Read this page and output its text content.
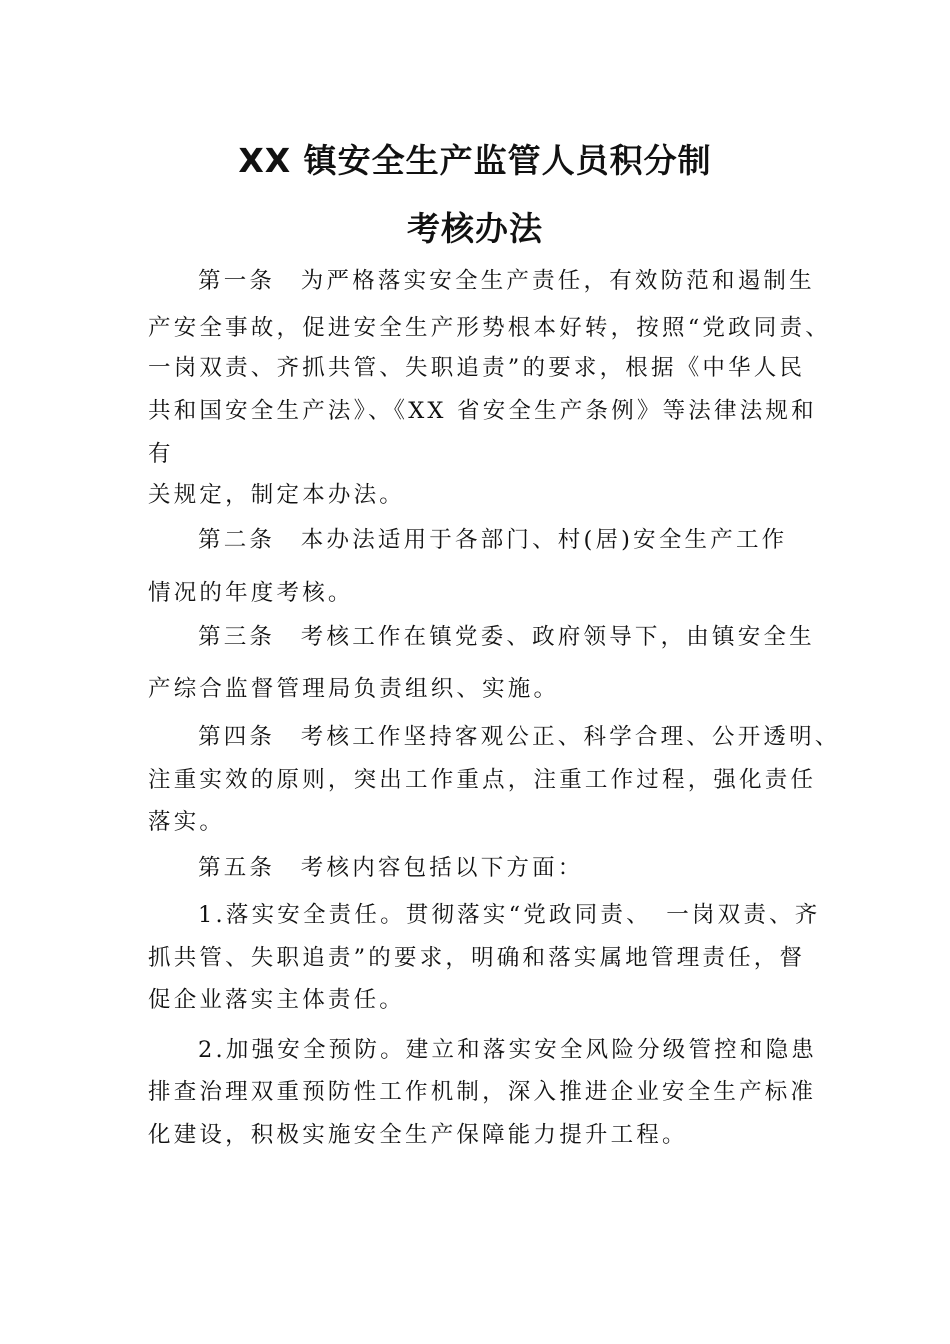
XX 镇安全生产监管人员积分制
考核办法
第一条　为严格落实安全生产责任，有效防范和遏制生
产安全事故，促进安全生产形势根本好转，按照“党政同责、
一岗双责、齐抓共管、失职追责”的要求，根据《中华人民
共和国安全生产法》、《XX 省安全生产条例》等法律法规和
有
关规定，制定本办法。
第二条　本办法适用于各部门、村(居)安全生产工作
情况的年度考核。
第三条　考核工作在镇党委、政府领导下，由镇安全生
产综合监督管理局负责组织、实施。
第四条　考核工作坚持客观公正、科学合理、公开透明、
注重实效的原则，突出工作重点，注重工作过程，强化责任
落实。
第五条　考核内容包括以下方面：
1.落实安全责任。贯彻落实“党政同责、　一岗双责、齐
抓共管、失职追责”的要求，明确和落实属地管理责任，督
促企业落实主体责任。
2.加强安全预防。建立和落实安全风险分级管控和隐患
排查治理双重预防性工作机制，深入推进企业安全生产标准
化建设，积极实施安全生产保障能力提升工程。
